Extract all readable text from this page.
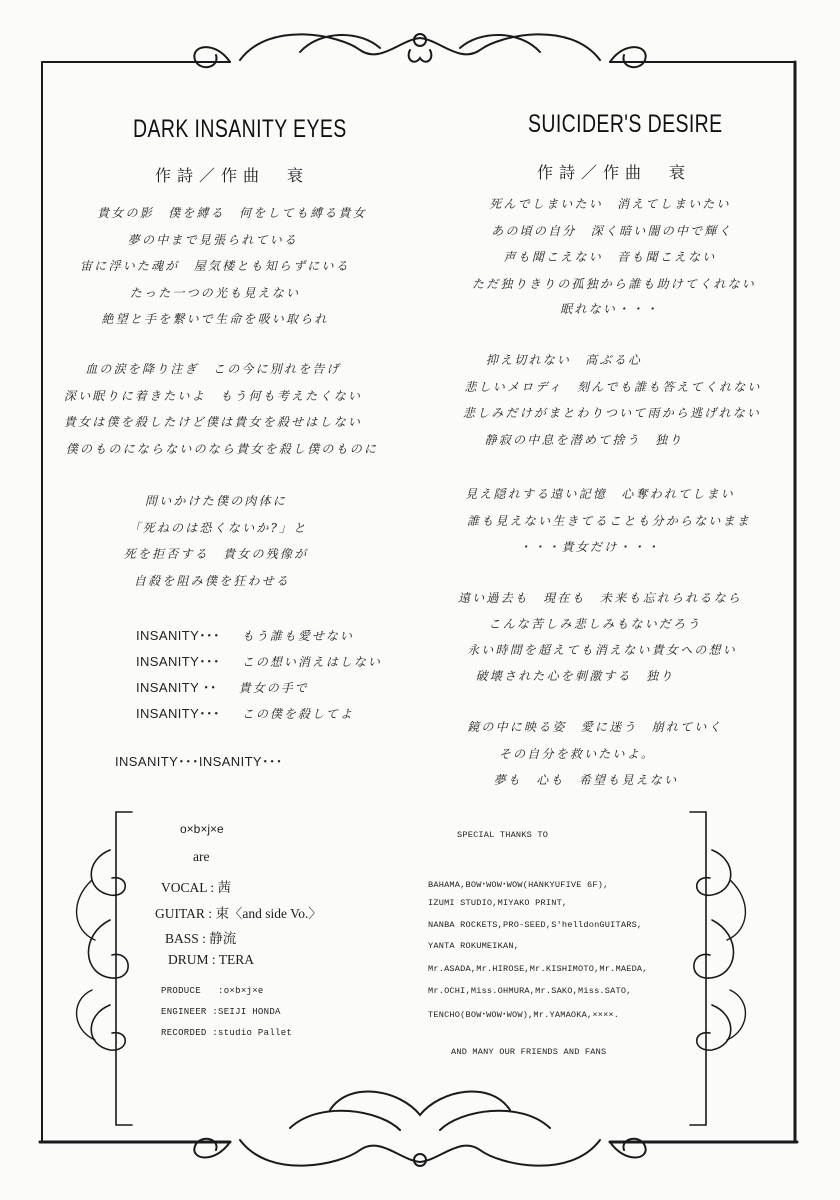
DARK INSANITY EYES
作詩／作曲　衰
貴女の影　僕を縛る　何をしても縛る貴女
夢の中まで見張られている
宙に浮いた魂が　屋気楼とも知らずにいる
たった一つの光も見えない
絶望と手を繋いで生命を吸い取られ
血の涙を降り注ぎ　この今に別れを告げ
深い眠りに着きたいよ　もう何も考えたくない
貴女は僕を殺したけど僕は貴女を殺せはしない
僕のものにならないのなら貴女を殺し僕のものに
問いかけた僕の肉体に
「死ねのは恐くないか?」と
死を拒否する　貴女の残像が
自殺を阻み僕を狂わせる
INSANITY･･･ もう誰も愛せない
INSANITY･･･ この想い消えはしない
INSANITY ･･ 貴女の手で
INSANITY･･･ この僕を殺してよ
INSANITY･･･INSANITY･･･
SUICIDER'S DESIRE
作詩／作曲　衰
死んでしまいたい　消えてしまいたい
あの頃の自分　深く暗い闇の中で輝く
声も聞こえない　音も聞こえない
ただ独りきりの孤独から誰も助けてくれない
眠れない・・・
抑え切れない　高ぶる心
悲しいメロディ　刻んでも誰も答えてくれない
悲しみだけがまとわりついて雨から逃げれない
静寂の中息を潜めて捨う　独り
見え隠れする遠い記憶　心奪われてしまい
誰も見えない生きてることも分からないまま
・・・貴女だけ・・・
遠い過去も　現在も　未来も忘れられるなら
こんな苦しみ悲しみもないだろう
永い時間を超えても消えない貴女への想い
破壊された心を刺激する　独り
鏡の中に映る姿　愛に迷う　崩れていく
その自分を救いたいよ。
夢も　心も　希望も見えない
o×b×j×e
are
VOCAL : 茜
GUITAR : 束〈and side Vo.〉
BASS : 静流
DRUM : TERA
PRODUCE :o×b×j×e
ENGINEER :SEIJI HONDA
RECORDED :studio Pallet
SPECIAL THANKS TO
BAHAMA,BOW･WOW･WOW(HANKYUFIVE 6F),
IZUMI STUDIO,MIYAKO PRINT,
NANBA ROCKETS,PRO-SEED,S'helldonGUITARS,
YANTA ROKUMEIKAN,
Mr.ASADA,Mr.HIROSE,Mr.KISHIMOTO,Mr.MAEDA,
Mr.OCHI,Miss.OHMURA,Mr.SAKO,Miss.SATO,
TENCHO(BOW･WOW･WOW),Mr.YAMAOKA,××××.
AND MANY OUR FRIENDS AND FANS
